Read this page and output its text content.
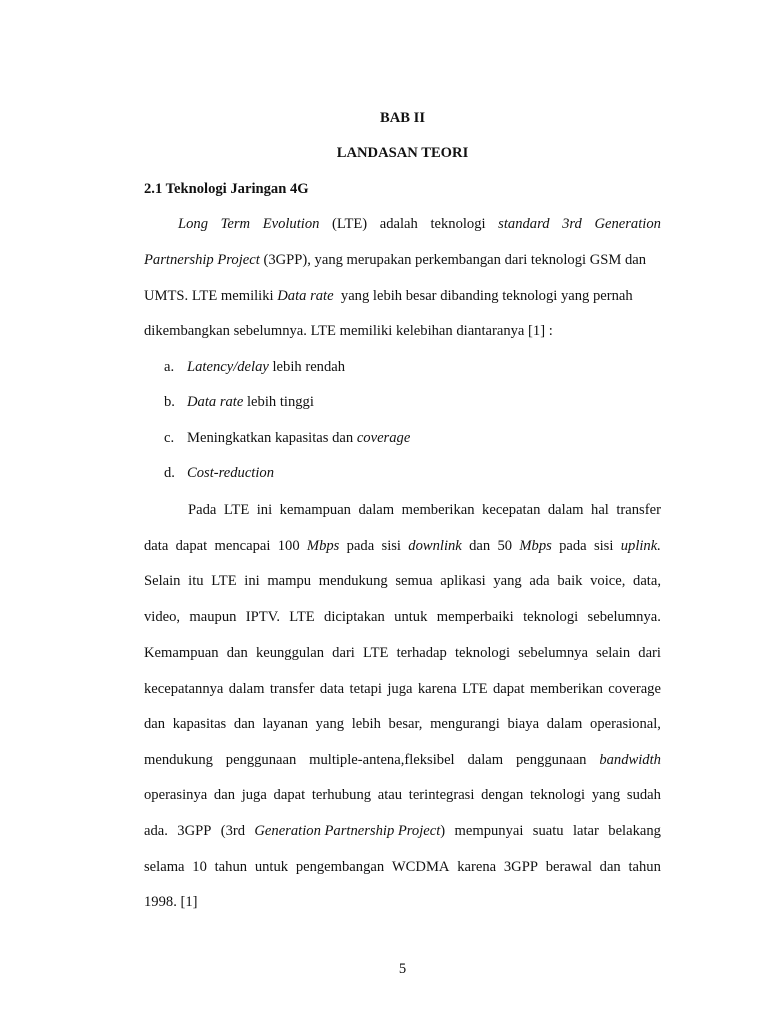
BAB II
LANDASAN TEORI
2.1 Teknologi Jaringan 4G
Long Term Evolution (LTE) adalah teknologi standard 3rd Generation
Partnership Project (3GPP), yang merupakan perkembangan dari teknologi GSM dan
UMTS. LTE memiliki Data rate  yang lebih besar dibanding teknologi yang pernah
dikembangkan sebelumnya. LTE memiliki kelebihan diantaranya [1] :
a. Latency/delay lebih rendah
b. Data rate lebih tinggi
c. Meningkatkan kapasitas dan coverage
d. Cost-reduction
Pada LTE ini kemampuan dalam memberikan kecepatan dalam hal transfer
data dapat mencapai 100 Mbps pada sisi downlink dan 50 Mbps pada sisi uplink.
Selain itu LTE ini mampu mendukung semua aplikasi yang ada baik voice, data,
video, maupun IPTV. LTE diciptakan untuk memperbaiki teknologi sebelumnya.
Kemampuan dan keunggulan dari LTE terhadap teknologi sebelumnya selain dari
kecepatannya dalam transfer data tetapi juga karena LTE dapat memberikan coverage
dan kapasitas dan layanan yang lebih besar, mengurangi biaya dalam operasional,
mendukung penggunaan multiple-antena,fleksibel dalam penggunaan bandwidth
operasinya dan juga dapat terhubung atau terintegrasi dengan teknologi yang sudah
ada. 3GPP (3rd Generation Partnership Project) mempunyai suatu latar belakang
selama 10 tahun untuk pengembangan WCDMA karena 3GPP berawal dan tahun
1998. [1]
5
